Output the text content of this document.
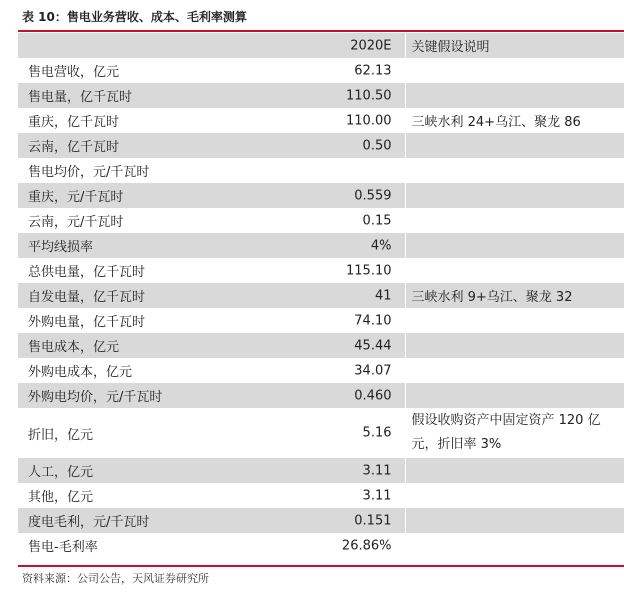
表 10：售电业务营收、成本、毛利率测算
2020E	关键假设说明
售电营收，亿元 62.13	

售电量，亿千瓦时 110.50	

重庆，亿千瓦时 110.00	三峡水利 24+乌江、聚龙 86
云南，亿千瓦时 0.50	

售电均价，元/千瓦时

重庆，元/千瓦时 0.559	

云南，元/千瓦时 0.15	

平均线损率 4%	

总供电量，亿千瓦时 115.10	

自发电量，亿千瓦时 41	三峡水利 9+乌江、聚龙 32
外购电量，亿千瓦时 74.10	

售电成本，亿元 45.44	

外购电成本，亿元 34.07	

外购电均价，元/千瓦时 0.460	

折旧，亿元 5.16	假设收购资产中固定资产 120 亿元，折旧率 3%
人工，亿元 3.11	

其他，亿元 3.11	

度电毛利，元/千瓦时 0.151	

售电-毛利率 26.86%	

资料来源：公司公告，天风证券研究所
